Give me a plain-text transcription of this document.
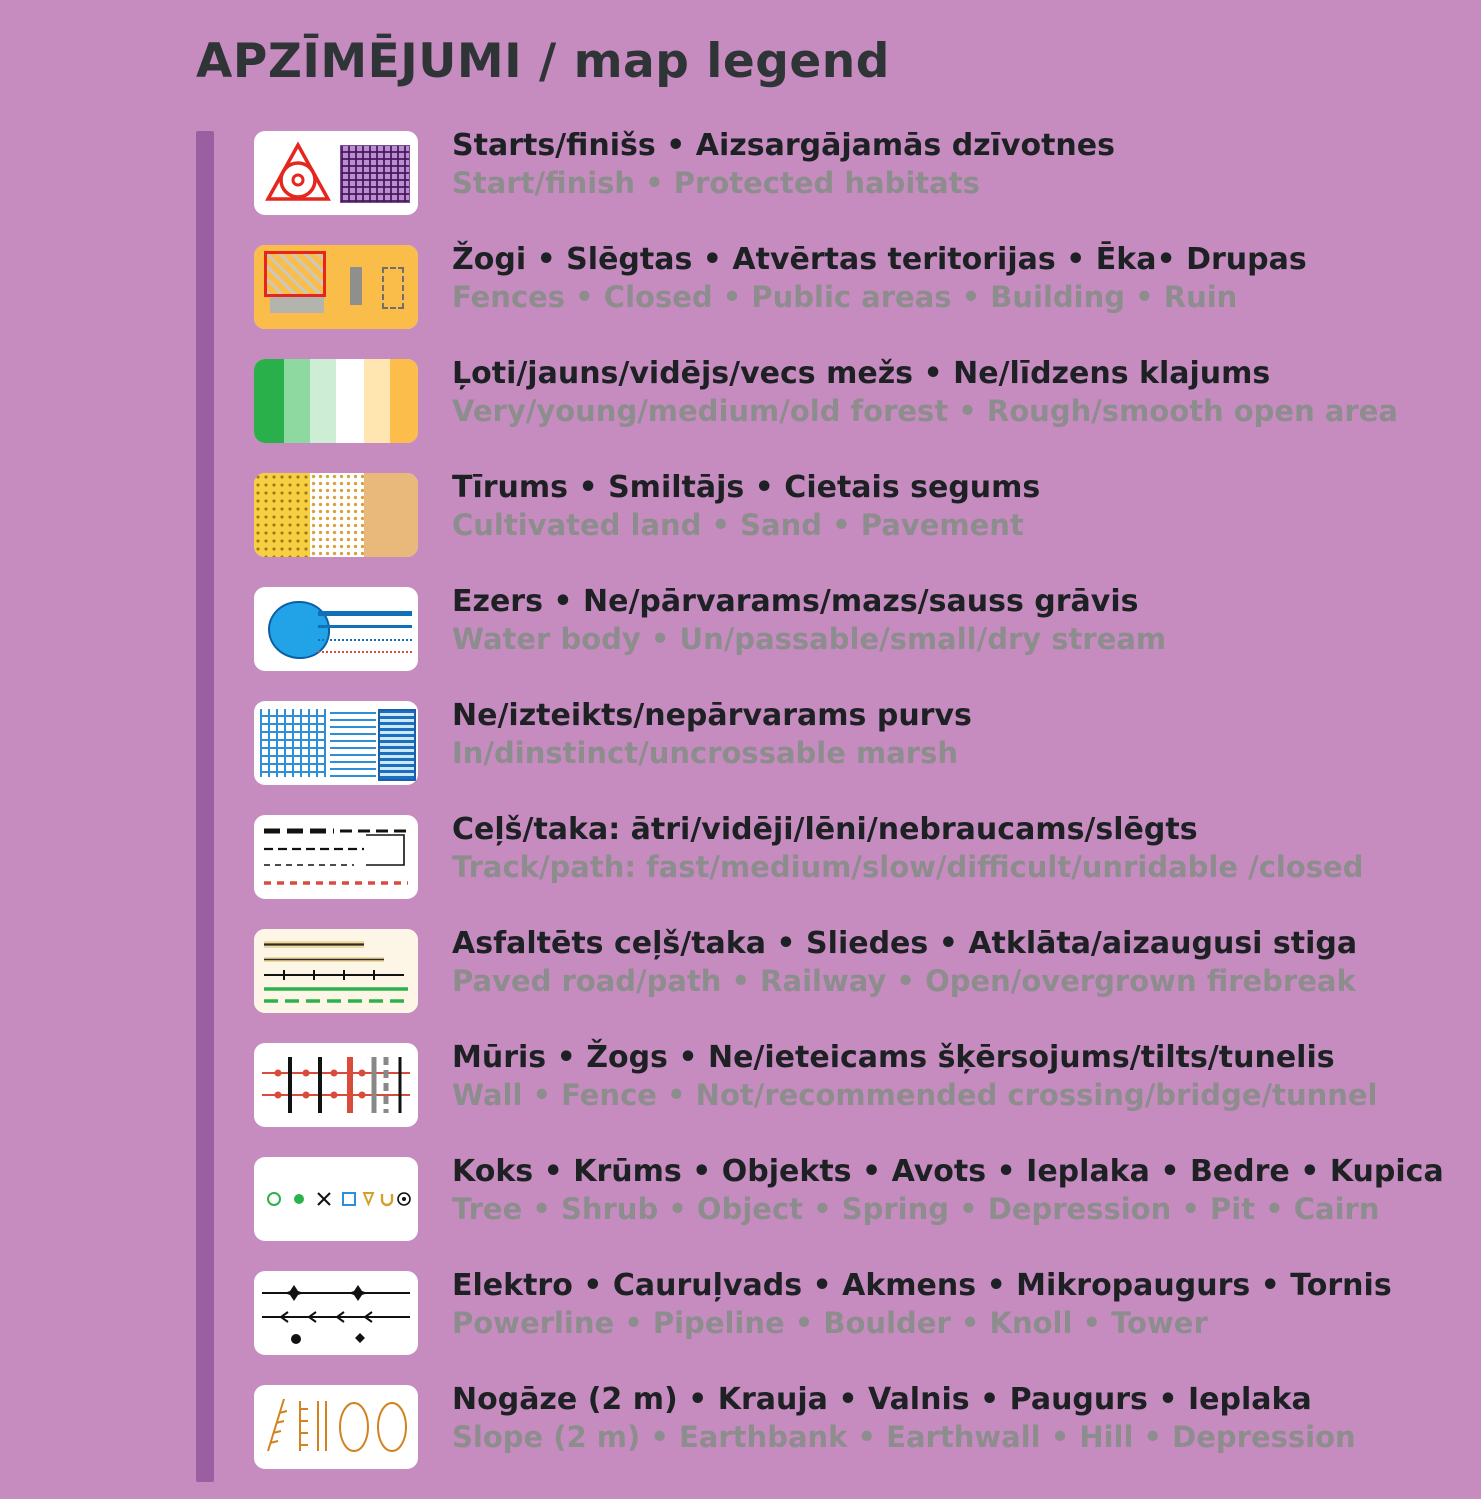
APZĪMĒJUMI / map legend
Starts/finišs • Aizsargājamās dzīvotnes
Start/finish • Protected habitats
Žogi • Slēgtas • Atvērtas teritorijas • Ēka• Drupas
Fences • Closed • Public areas • Building • Ruin
Ļoti/jauns/vidējs/vecs mežs • Ne/līdzens klajums
Very/young/medium/old forest • Rough/smooth open area
Tīrums • Smiltājs • Cietais segums
Cultivated land • Sand • Pavement
Ezers • Ne/pārvarams/mazs/sauss grāvis
Water body • Un/passable/small/dry stream
Ne/izteikts/nepārvarams purvs
In/dinstinct/uncrossable marsh
Ceļš/taka: ātri/vidēji/lēni/nebraucams/slēgts
Track/path: fast/medium/slow/difficult/unridable /closed
Asfaltēts ceļš/taka • Sliedes • Atklāta/aizaugusi stiga
Paved road/path • Railway • Open/overgrown firebreak
Mūris • Žogs • Ne/ieteicams šķērsojums/tilts/tunelis
Wall • Fence • Not/recommended crossing/bridge/tunnel
Koks • Krūms • Objekts • Avots • Ieplaka • Bedre • Kupica
Tree • Shrub • Object • Spring • Depression • Pit • Cairn
Elektro • Cauruļvads • Akmens • Mikropaugurs • Tornis
Powerline • Pipeline • Boulder • Knoll • Tower
Nogāze (2 m) • Krauja • Valnis • Paugurs • Ieplaka
Slope (2 m) • Earthbank • Earthwall • Hill • Depression
